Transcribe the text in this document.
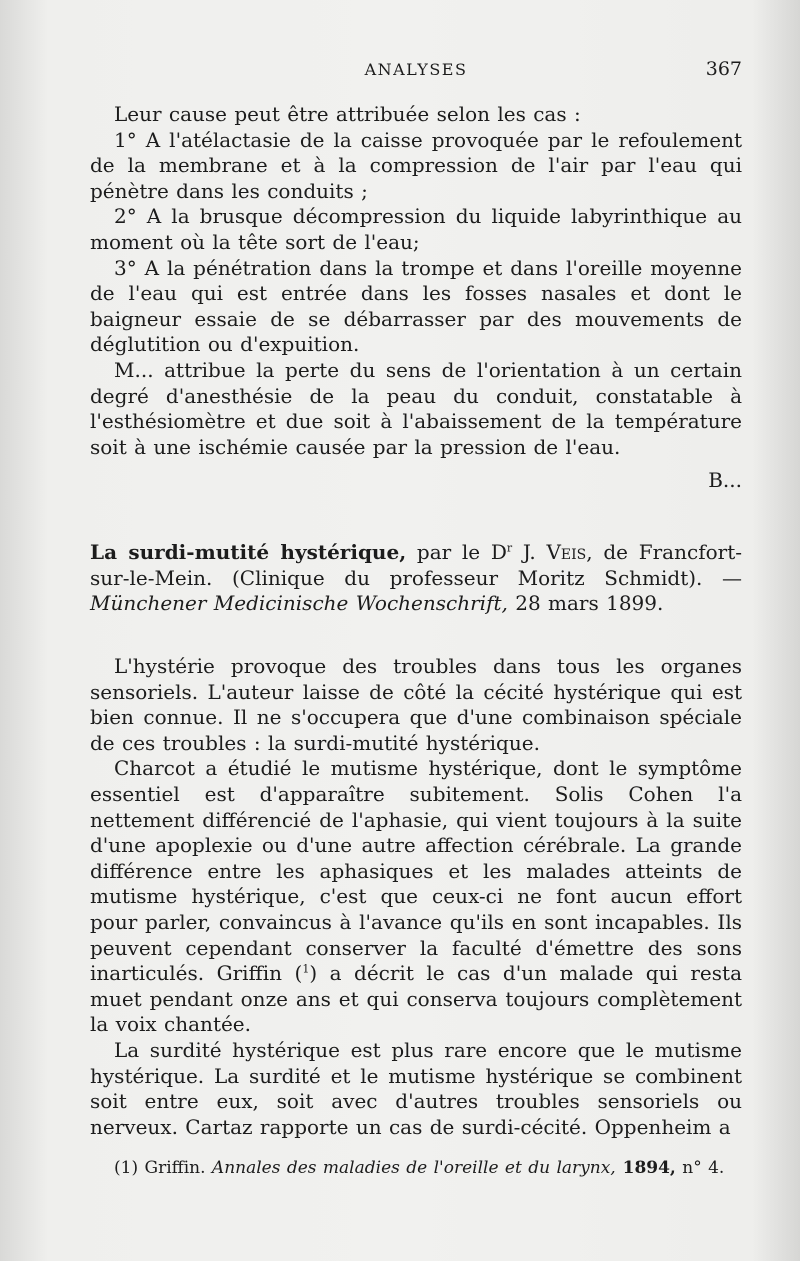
ANALYSES	367

Leur cause peut être attribuée selon les cas :

1° A l'atélactasie de la caisse provoquée par le refoulement de la membrane et à la compression de l'air par l'eau qui pénètre dans les conduits ;

2° A la brusque décompression du liquide labyrinthique au moment où la tête sort de l'eau;

3° A la pénétration dans la trompe et dans l'oreille moyenne de l'eau qui est entrée dans les fosses nasales et dont le baigneur essaie de se débarrasser par des mouvements de déglutition ou d'expuition.

M... attribue la perte du sens de l'orientation à un certain degré d'anesthésie de la peau du conduit, constatable à l'esthésiomètre et due soit à l'abaissement de la température soit à une ischémie causée par la pression de l'eau.

B...

La surdi-mutité hystérique, par le $D^r$ J. Veis, de Francfort-sur-le-Mein. (Clinique du professeur Moritz Schmidt). — Münchener Medicinische Wochenschrift, 28 mars 1899.

L'hystérie provoque des troubles dans tous les organes sensoriels. L'auteur laisse de côté la cécité hystérique qui est bien connue. Il ne s'occupera que d'une combinaison spéciale de ces troubles : la surdi-mutité hystérique.

Charcot a étudié le mutisme hystérique, dont le symptôme essentiel est d'apparaître subitement. Solis Cohen l'a nettement différencié de l'aphasie, qui vient toujours à la suite d'une apoplexie ou d'une autre affection cérébrale. La grande différence entre les aphasiques et les malades atteints de mutisme hystérique, c'est que ceux-ci ne font aucun effort pour parler, convaincus à l'avance qu'ils en sont incapables. Ils peuvent cependant conserver la faculté d'émettre des sons inarticulés. Griffin ($^1$) a décrit le cas d'un malade qui resta muet pendant onze ans et qui conserva toujours complètement la voix chantée.

La surdité hystérique est plus rare encore que le mutisme hystérique. La surdité et le mutisme hystérique se combinent soit entre eux, soit avec d'autres troubles sensoriels ou nerveux. Cartaz rapporte un cas de surdi-cécité. Oppenheim a

(1) Griffin. Annales des maladies de l'oreille et du larynx, 1894, n° 4.
